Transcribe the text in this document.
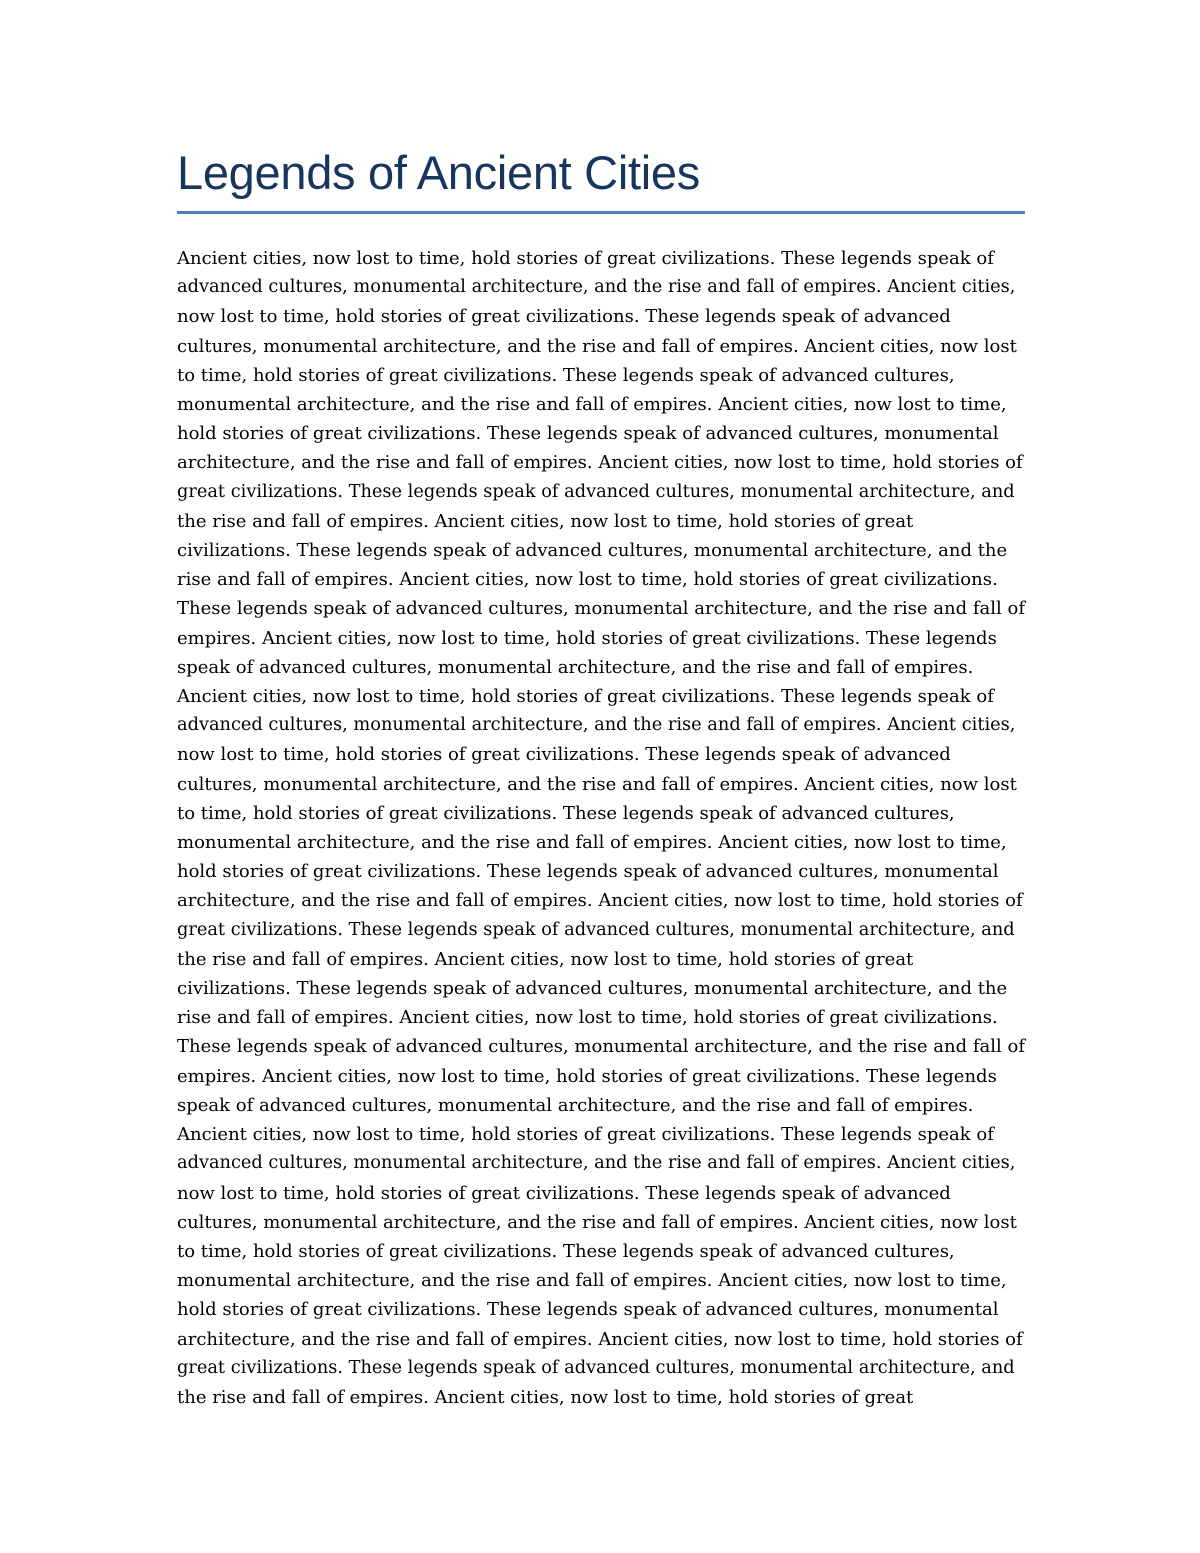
Legends of Ancient Cities
Ancient cities, now lost to time, hold stories of great civilizations. These legends speak of
advanced cultures, monumental architecture, and the rise and fall of empires. Ancient cities,
now lost to time, hold stories of great civilizations. These legends speak of advanced
cultures, monumental architecture, and the rise and fall of empires. Ancient cities, now lost
to time, hold stories of great civilizations. These legends speak of advanced cultures,
monumental architecture, and the rise and fall of empires. Ancient cities, now lost to time,
hold stories of great civilizations. These legends speak of advanced cultures, monumental
architecture, and the rise and fall of empires. Ancient cities, now lost to time, hold stories of
great civilizations. These legends speak of advanced cultures, monumental architecture, and
the rise and fall of empires. Ancient cities, now lost to time, hold stories of great
civilizations. These legends speak of advanced cultures, monumental architecture, and the
rise and fall of empires. Ancient cities, now lost to time, hold stories of great civilizations.
These legends speak of advanced cultures, monumental architecture, and the rise and fall of
empires. Ancient cities, now lost to time, hold stories of great civilizations. These legends
speak of advanced cultures, monumental architecture, and the rise and fall of empires.
Ancient cities, now lost to time, hold stories of great civilizations. These legends speak of
advanced cultures, monumental architecture, and the rise and fall of empires. Ancient cities,
now lost to time, hold stories of great civilizations. These legends speak of advanced
cultures, monumental architecture, and the rise and fall of empires. Ancient cities, now lost
to time, hold stories of great civilizations. These legends speak of advanced cultures,
monumental architecture, and the rise and fall of empires. Ancient cities, now lost to time,
hold stories of great civilizations. These legends speak of advanced cultures, monumental
architecture, and the rise and fall of empires. Ancient cities, now lost to time, hold stories of
great civilizations. These legends speak of advanced cultures, monumental architecture, and
the rise and fall of empires. Ancient cities, now lost to time, hold stories of great
civilizations. These legends speak of advanced cultures, monumental architecture, and the
rise and fall of empires. Ancient cities, now lost to time, hold stories of great civilizations.
These legends speak of advanced cultures, monumental architecture, and the rise and fall of
empires. Ancient cities, now lost to time, hold stories of great civilizations. These legends
speak of advanced cultures, monumental architecture, and the rise and fall of empires.
Ancient cities, now lost to time, hold stories of great civilizations. These legends speak of
advanced cultures, monumental architecture, and the rise and fall of empires. Ancient cities,
now lost to time, hold stories of great civilizations. These legends speak of advanced
cultures, monumental architecture, and the rise and fall of empires. Ancient cities, now lost
to time, hold stories of great civilizations. These legends speak of advanced cultures,
monumental architecture, and the rise and fall of empires. Ancient cities, now lost to time,
hold stories of great civilizations. These legends speak of advanced cultures, monumental
architecture, and the rise and fall of empires. Ancient cities, now lost to time, hold stories of
great civilizations. These legends speak of advanced cultures, monumental architecture, and
the rise and fall of empires. Ancient cities, now lost to time, hold stories of great
